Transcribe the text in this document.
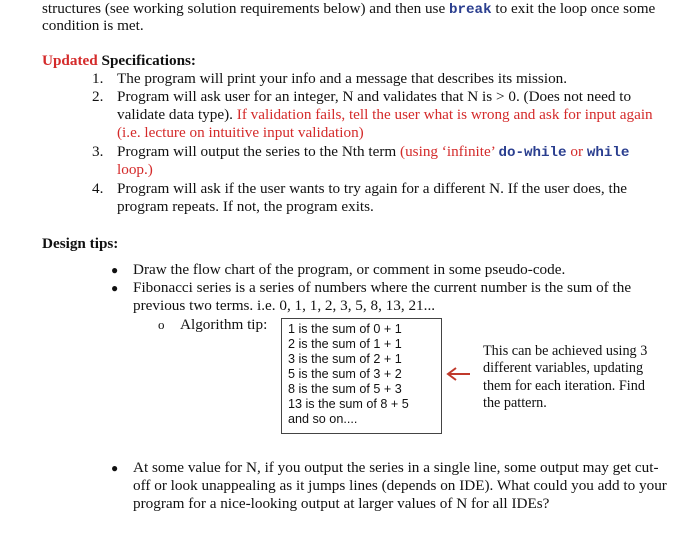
structures (see working solution requirements below) and then use break to exit the loop once some
condition is met.
Updated Specifications:
1. The program will print your info and a message that describes its mission.
2. Program will ask user for an integer, N and validates that N is > 0. (Does not need to
validate data type). If validation fails, tell the user what is wrong and ask for input again
(i.e. lecture on intuitive input validation)
3. Program will output the series to the Nth term (using ‘infinite’ do-while or while
loop.)
4. Program will ask if the user wants to try again for a different N. If the user does, the
program repeats. If not, the program exits.
Design tips:
● Draw the flow chart of the program, or comment in some pseudo-code.
● Fibonacci series is a series of numbers where the current number is the sum of the
previous two terms. i.e. 0, 1, 1, 2, 3, 5, 8, 13, 21...
o Algorithm tip: 1 is the sum of 0 + 1
2 is the sum of 1 + 1
3 is the sum of 2 + 1
5 is the sum of 3 + 2
8 is the sum of 5 + 3
13 is the sum of 8 + 5
and so on....
This can be achieved using 3
different variables, updating
them for each iteration. Find
the pattern.
● At some value for N, if you output the series in a single line, some output may get cut-
off or look unappealing as it jumps lines (depends on IDE). What could you add to your
program for a nice-looking output at larger values of N for all IDEs?
